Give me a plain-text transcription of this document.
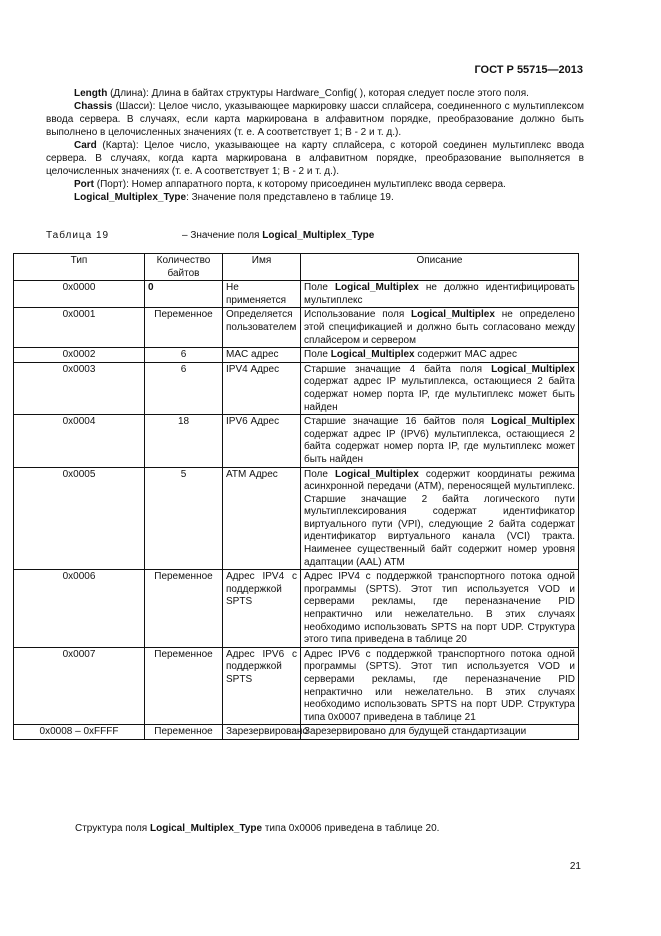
ГОСТ Р 55715—2013

Length (Длина): Длина в байтах структуры Hardware_Config( ), которая следует после этого поля.

Chassis (Шасси): Целое число, указывающее маркировку шасси сплайсера, соединенного с мультиплексом ввода сервера. В случаях, если карта маркирована в алфавитном порядке, преобразование должно быть выполнено в целочисленных значениях (т. е. A соответствует 1; B - 2 и т. д.).

Card (Карта): Целое число, указывающее на карту сплайсера, с которой соединен мультиплекс ввода сервера. В случаях, когда карта маркирована в алфавитном порядке, преобразование выполняется в целочисленных значениях (т. е. A соответствует 1; B - 2 и т. д.).

Port (Порт): Номер аппаратного порта, к которому присоединен мультиплекс ввода сервера.

Logical_Multiplex_Type: Значение поля представлено в таблице 19.

Таблица 19	– Значение поля Logical_Multiplex_Type
Тип	Количество байтов	Имя	Описание
0x0000	0	Не применяется	Поле Logical_Multiplex не должно идентифицировать мультиплекс
0x0001	Переменное	Определяется пользователем	Использование поля Logical_Multiplex не определено этой спецификацией и должно быть согласовано между сплайсером и сервером
0x0002	6	MAC адрес	Поле Logical_Multiplex содержит MAC адрес
0x0003	6	IPV4 Адрес	Старшие значащие 4 байта поля Logical_Multiplex содержат адрес IP мультиплекса, остающиеся 2 байта содержат номер порта IP, где мультиплекс может быть найден
0x0004	18	IPV6 Адрес	Старшие значащие 16 байтов поля Logical_Multiplex содержат адрес IP (IPV6) мультиплекса, остающиеся 2 байта содержат номер порта IP, где мультиплекс может быть найден
0x0005	5	ATM Адрес	Поле Logical_Multiplex содержит координаты режима асинхронной передачи (ATM), переносящей мультиплекс. Старшие значащие 2 байта логического пути мультиплексирования содержат идентификатор виртуального пути (VPI), следующие 2 байта содержат идентификатор виртуального канала (VCI) тракта. Наименее существенный байт содержит номер уровня адаптации (AAL) ATM
0x0006	Переменное	Адрес IPV4 с поддержкой SPTS	Адрес IPV4 с поддержкой транспортного потока одной программы (SPTS). Этот тип используется VOD и серверами рекламы, где переназначение PID непрактично или нежелательно. В этих случаях необходимо использовать SPTS на порт UDP. Структура этого типа приведена в таблице 20
0x0007	Переменное	Адрес IPV6 с поддержкой SPTS	Адрес IPV6 с поддержкой транспортного потока одной программы (SPTS). Этот тип используется VOD и серверами рекламы, где переназначение PID непрактично или нежелательно. В этих случаях необходимо использовать SPTS на порт UDP. Структура типа 0x0007 приведена в таблице 21
0x0008 – 0xFFFF	Переменное	Зарезервировано	Зарезервировано для будущей стандартизации
Структура поля Logical_Multiplex_Type типа 0x0006 приведена в таблице 20.
21
